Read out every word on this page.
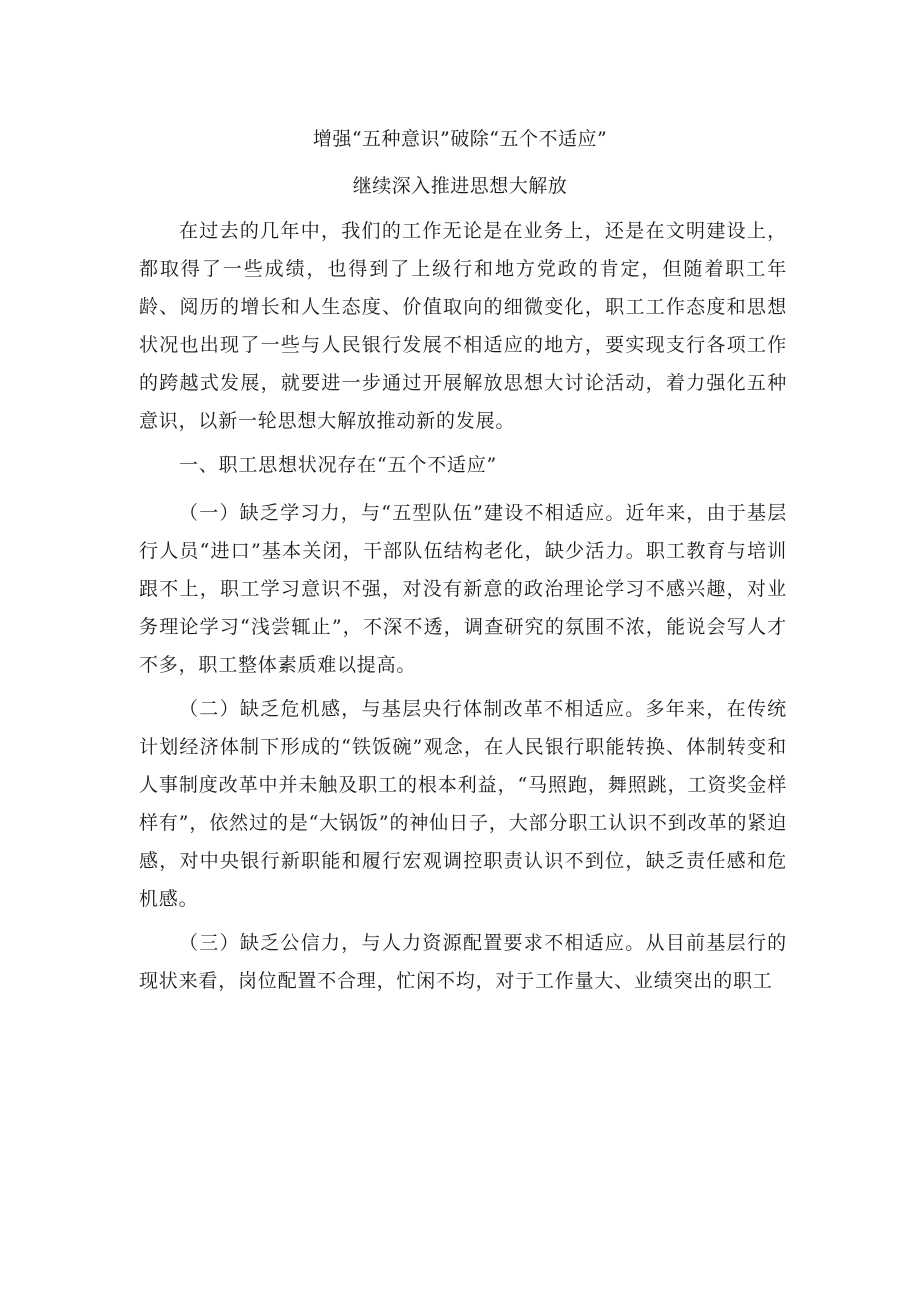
增强“五种意识”破除“五个不适应”
继续深入推进思想大解放

在过去的几年中，我们的工作无论是在业务上，还是在文明建设上，都取得了一些成绩，也得到了上级行和地方党政的肯定，但随着职工年龄、阅历的增长和人生态度、价值取向的细微变化，职工工作态度和思想状况也出现了一些与人民银行发展不相适应的地方，要实现支行各项工作的跨越式发展，就要进一步通过开展解放思想大讨论活动，着力强化五种意识，以新一轮思想大解放推动新的发展。

一、职工思想状况存在“五个不适应”

（一）缺乏学习力，与“五型队伍”建设不相适应。近年来，由于基层行人员“进口”基本关闭，干部队伍结构老化，缺少活力。职工教育与培训跟不上，职工学习意识不强，对没有新意的政治理论学习不感兴趣，对业务理论学习“浅尝辄止”，不深不透，调查研究的氛围不浓，能说会写人才不多，职工整体素质难以提高。

（二）缺乏危机感，与基层央行体制改革不相适应。多年来，在传统计划经济体制下形成的“铁饭碗”观念，在人民银行职能转换、体制转变和人事制度改革中并未触及职工的根本利益，“马照跑，舞照跳，工资奖金样样有”，依然过的是“大锅饭”的神仙日子，大部分职工认识不到改革的紧迫感，对中央银行新职能和履行宏观调控职责认识不到位，缺乏责任感和危机感。

（三）缺乏公信力，与人力资源配置要求不相适应。从目前基层行的现状来看，岗位配置不合理，忙闲不均，对于工作量大、业绩突出的职工
